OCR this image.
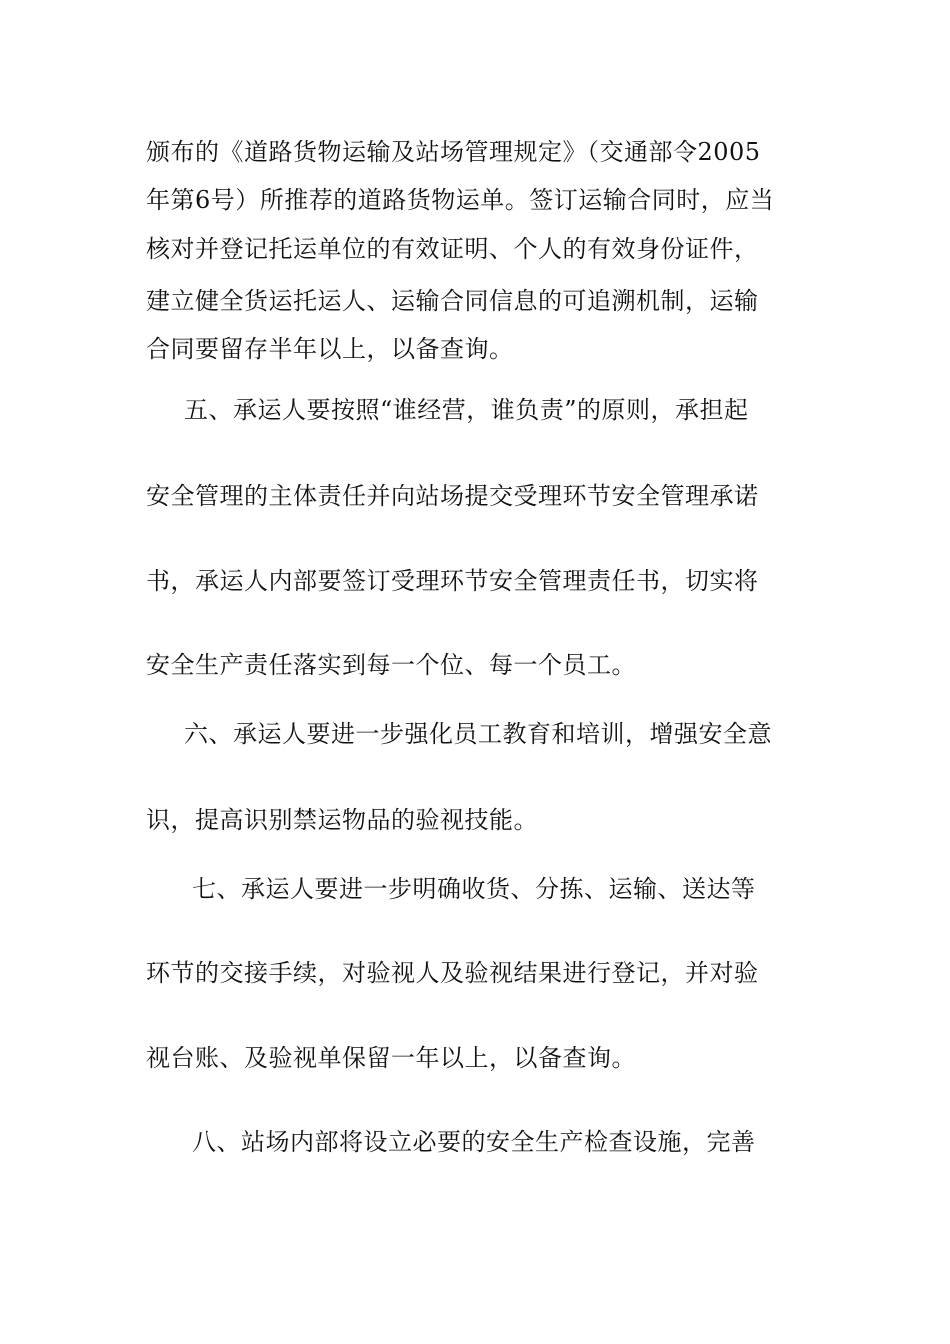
颁布的《道路货物运输及站场管理规定》（交通部令2005
年第6号）所推荐的道路货物运单。签订运输合同时，应当
核对并登记托运单位的有效证明、个人的有效身份证件，
建立健全货运托运人、运输合同信息的可追溯机制，运输
合同要留存半年以上，以备查询。
五、承运人要按照“谁经营，谁负责”的原则，承担起
安全管理的主体责任并向站场提交受理环节安全管理承诺
书，承运人内部要签订受理环节安全管理责任书，切实将
安全生产责任落实到每一个位、每一个员工。
六、承运人要进一步强化员工教育和培训，增强安全意
识，提高识别禁运物品的验视技能。
七、承运人要进一步明确收货、分拣、运输、送达等
环节的交接手续，对验视人及验视结果进行登记，并对验
视台账、及验视单保留一年以上，以备查询。
八、站场内部将设立必要的安全生产检查设施，完善
